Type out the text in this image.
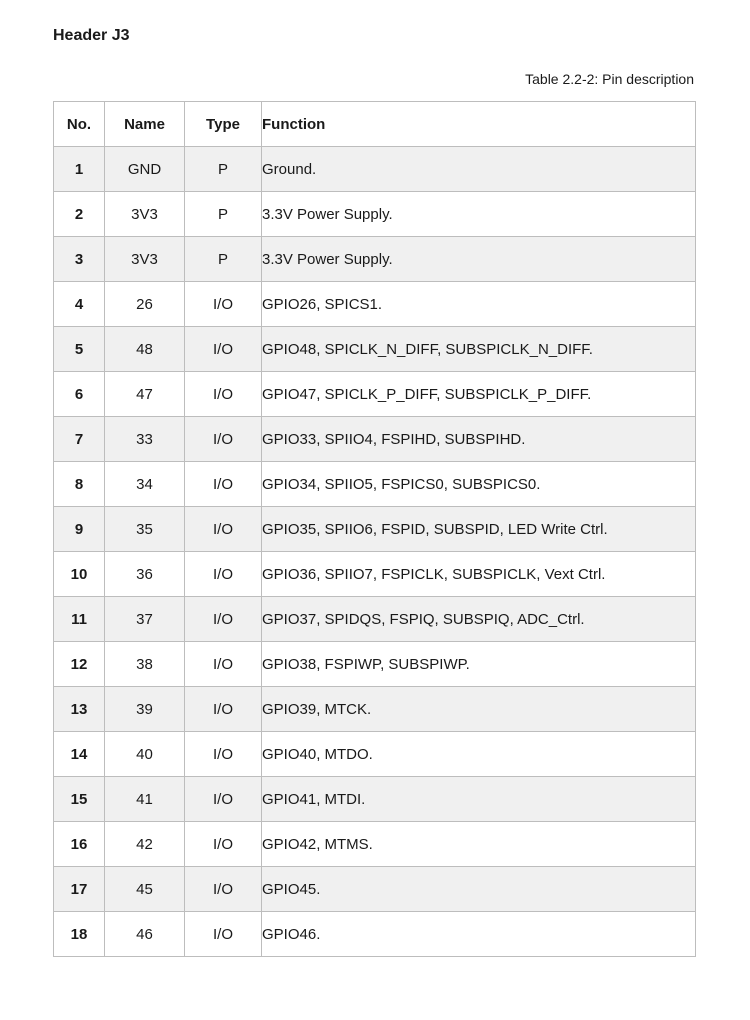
Header J3
Table 2.2-2: Pin description
No.	Name	Type	Function
1	GND	P	Ground.
2	3V3	P	3.3V Power Supply.
3	3V3	P	3.3V Power Supply.
4	26	I/O	GPIO26, SPICS1.
5	48	I/O	GPIO48, SPICLK_N_DIFF, SUBSPICLK_N_DIFF.
6	47	I/O	GPIO47, SPICLK_P_DIFF, SUBSPICLK_P_DIFF.
7	33	I/O	GPIO33, SPIIO4, FSPIHD, SUBSPIHD.
8	34	I/O	GPIO34, SPIIO5, FSPICS0, SUBSPICS0.
9	35	I/O	GPIO35, SPIIO6, FSPID, SUBSPID, LED Write Ctrl.
10	36	I/O	GPIO36, SPIIO7, FSPICLK, SUBSPICLK, Vext Ctrl.
11	37	I/O	GPIO37, SPIDQS, FSPIQ, SUBSPIQ, ADC_Ctrl.
12	38	I/O	GPIO38, FSPIWP, SUBSPIWP.
13	39	I/O	GPIO39, MTCK.
14	40	I/O	GPIO40, MTDO.
15	41	I/O	GPIO41, MTDI.
16	42	I/O	GPIO42, MTMS.
17	45	I/O	GPIO45.
18	46	I/O	GPIO46.
